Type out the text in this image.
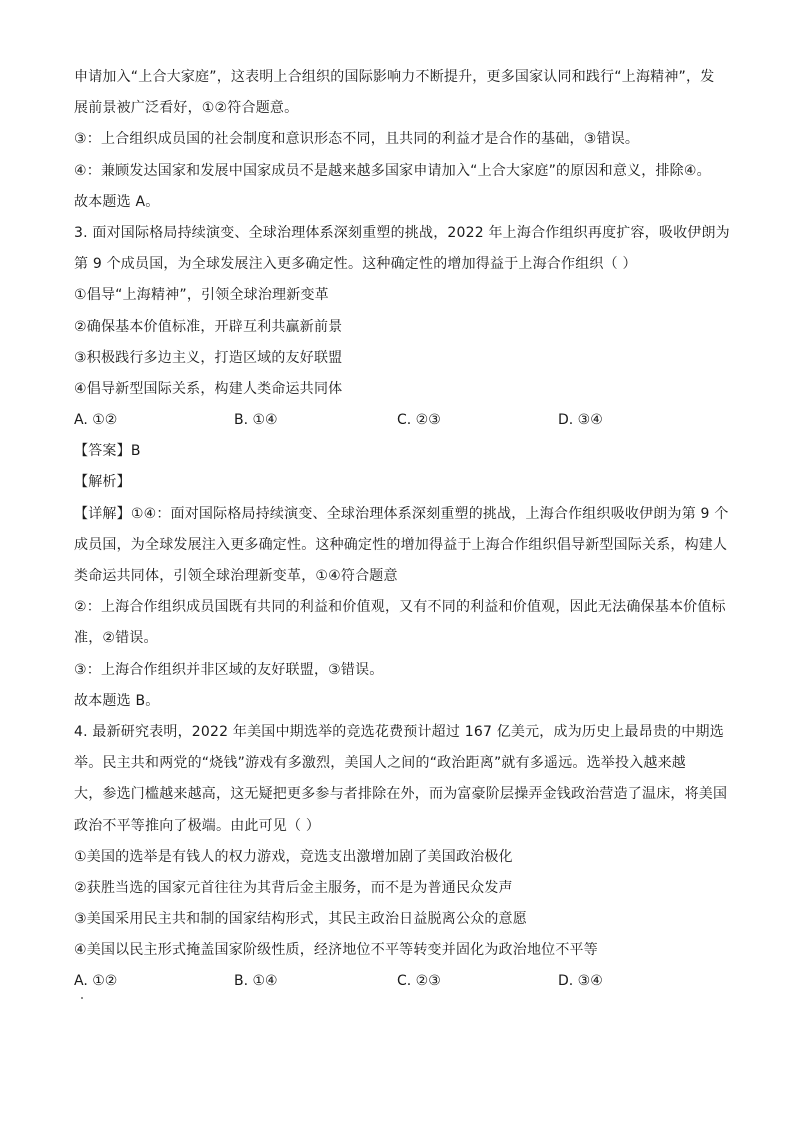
申请加入“上合大家庭”，这表明上合组织的国际影响力不断提升，更多国家认同和践行“上海精神”，发
展前景被广泛看好，①②符合题意。
③：上合组织成员国的社会制度和意识形态不同，且共同的利益才是合作的基础，③错误。
④：兼顾发达国家和发展中国家成员不是越来越多国家申请加入“上合大家庭”的原因和意义，排除④。
故本题选 A。
3. 面对国际格局持续演变、全球治理体系深刻重塑的挑战，2022 年上海合作组织再度扩容，吸收伊朗为
第 9 个成员国，为全球发展注入更多确定性。这种确定性的增加得益于上海合作组织（ ）
①倡导“上海精神”，引领全球治理新变革
②确保基本价值标准，开辟互利共赢新前景
③积极践行多边主义，打造区域的友好联盟
④倡导新型国际关系，构建人类命运共同体
A. ①②	B. ①④	C. ②③	D. ③④
【答案】B
【解析】
【详解】①④：面对国际格局持续演变、全球治理体系深刻重塑的挑战，上海合作组织吸收伊朗为第 9 个
成员国，为全球发展注入更多确定性。这种确定性的增加得益于上海合作组织倡导新型国际关系，构建人
类命运共同体，引领全球治理新变革，①④符合题意
②：上海合作组织成员国既有共同的利益和价值观，又有不同的利益和价值观，因此无法确保基本价值标
准，②错误。
③：上海合作组织并非区域的友好联盟，③错误。
故本题选 B。
4. 最新研究表明，2022 年美国中期选举的竞选花费预计超过 167 亿美元，成为历史上最昂贵的中期选
举。民主共和两党的“烧钱”游戏有多激烈，美国人之间的“政治距离”就有多遥远。选举投入越来越
大，参选门槛越来越高，这无疑把更多参与者排除在外，而为富豪阶层操弄金钱政治营造了温床，将美国
政治不平等推向了极端。由此可见（ ）
①美国的选举是有钱人的权力游戏，竞选支出激增加剧了美国政治极化
②获胜当选的国家元首往往为其背后金主服务，而不是为普通民众发声
③美国采用民主共和制的国家结构形式，其民主政治日益脱离公众的意愿
④美国以民主形式掩盖国家阶级性质，经济地位不平等转变并固化为政治地位不平等
A. ①②	B. ①④	C. ②③	D. ③④
